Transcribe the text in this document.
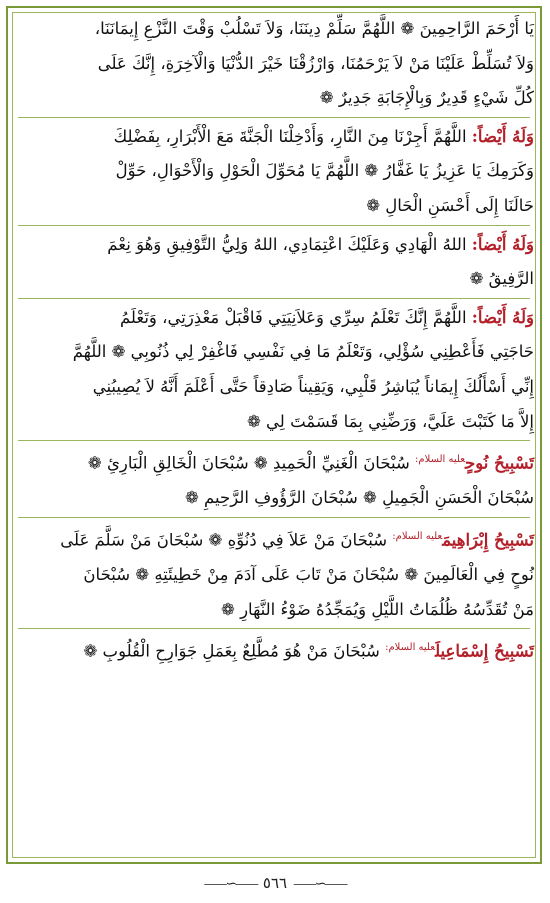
يَا أَرْحَمَ الرَّاحِمِينَ ❁ اللَّهُمَّ سَلِّمْ دِينَنَا، وَلاَ تَسْلُبْ وَقْتَ النَّزْعِ إِيمَانَنَا،

وَلاَ تُسَلِّطْ عَلَيْنَا مَنْ لاَ يَرْحَمُنَا، وَارْزُقْنَا خَيْرَ الدُّنْيَا وَالْآخِرَةِ، إِنَّكَ عَلَى

كُلِّ شَيْءٍ قَدِيرٌ وَبِالْإِجَابَةِ جَدِيرٌ ❁

وَلَهُ أَيْضاً: اللَّهُمَّ أَجِرْنَا مِنَ النَّارِ، وَأَدْخِلْنَا الْجَنَّةَ مَعَ الْأَبْرَارِ، بِفَضْلِكَ

وَكَرَمِكَ يَا عَزِيزُ يَا غَفَّارُ ❁ اللَّهُمَّ يَا مُحَوِّلَ الْحَوْلِ وَالْأَحْوَالِ، حَوِّلْ

حَالَنَا إِلَى أَحْسَنِ الْحَالِ ❁

وَلَهُ أَيْضاً: اللهُ الْهَادِي وَعَلَيْكَ اعْتِمَادِي، اللهُ وَلِيُّ التَّوْفِيقِ وَهُوَ نِعْمَ

الرَّفِيقُ ❁

وَلَهُ أَيْضاً: اللَّهُمَّ إِنَّكَ تَعْلَمُ سِرِّي وَعَلاَنِيَتِي فَاقْبَلْ مَعْذِرَتِي، وَتَعْلَمُ

حَاجَتِي فَأَعْطِنِي سُؤْلِي، وَتَعْلَمُ مَا فِي نَفْسِي فَاغْفِرْ لِي ذُنُوبِي ❁ اللَّهُمَّ

إِنِّي أَسْأَلُكَ إِيمَاناً يُبَاشِرُ قَلْبِي، وَيَقِيناً صَادِقاً حَتَّى أَعْلَمَ أَنَّهُ لاَ يُصِيبُنِي

إِلاَّ مَا كَتَبْتَ عَلَيَّ، وَرَضِّنِي بِمَا قَسَمْتَ لِي ❁

تَسْبِيحُ نُوحٍ$^{عليه السلام:}$ سُبْحَانَ الْغَنِيِّ الْحَمِيدِ ❁ سُبْحَانَ الْخَالِقِ الْبَارِئِ ❁

سُبْحَانَ الْحَسَنِ الْجَمِيلِ ❁ سُبْحَانَ الرَّؤُوفِ الرَّحِيمِ ❁

تَسْبِيحُ إِبْرَاهِيمَ$^{عليه السلام:}$ سُبْحَانَ مَنْ عَلاَ فِي دُنُوِّهِ ❁ سُبْحَانَ مَنْ سَلَّمَ عَلَى

نُوحٍ فِي الْعَالَمِينَ ❁ سُبْحَانَ مَنْ تَابَ عَلَى آدَمَ مِنْ خَطِيئَتِهِ ❁ سُبْحَانَ

مَنْ تُقَدِّسُهُ ظُلُمَاتُ اللَّيْلِ وَيُمَجِّدُهُ ضَوْءُ النَّهَارِ ❁

تَسْبِيحُ إِسْمَاعِيلَ$^{عليه السلام:}$ سُبْحَانَ مَنْ هُوَ مُطَّلِعٌ بِعَمَلِ جَوَارِحِ الْقُلُوبِ ❁

⸺∽⸺ ٥٦٦ ⸺∽⸺
